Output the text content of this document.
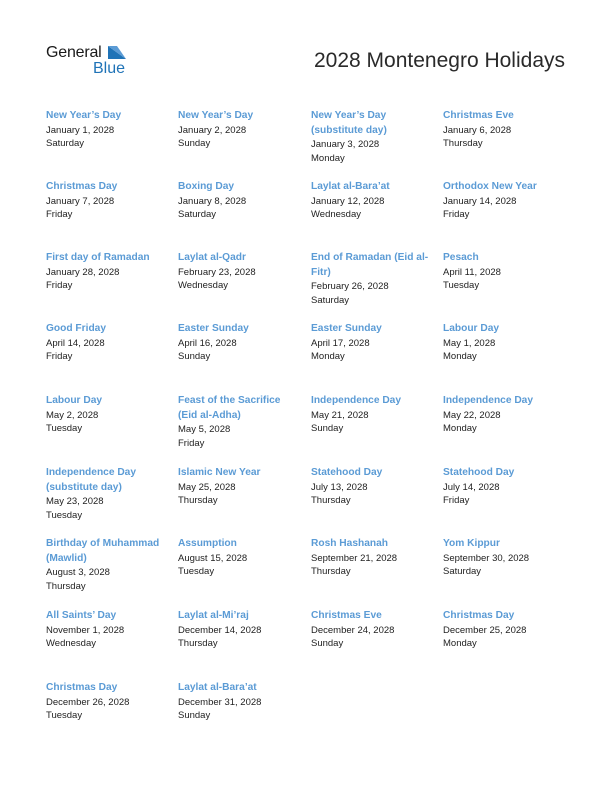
General
Blue	2028 Montenegro Holidays
New Year’s Day
January 1, 2028
Saturday
New Year’s Day
January 2, 2028
Sunday
New Year’s Day (substitute day)
January 3, 2028
Monday
Christmas Eve
January 6, 2028
Thursday
Christmas Day
January 7, 2028
Friday
Boxing Day
January 8, 2028
Saturday
Laylat al-Bara’at
January 12, 2028
Wednesday
Orthodox New Year
January 14, 2028
Friday
First day of Ramadan
January 28, 2028
Friday
Laylat al-Qadr
February 23, 2028
Wednesday
End of Ramadan (Eid al-Fitr)
February 26, 2028
Saturday
Pesach
April 11, 2028
Tuesday
Good Friday
April 14, 2028
Friday
Easter Sunday
April 16, 2028
Sunday
Easter Sunday
April 17, 2028
Monday
Labour Day
May 1, 2028
Monday
Labour Day
May 2, 2028
Tuesday
Feast of the Sacrifice (Eid al-Adha)
May 5, 2028
Friday
Independence Day
May 21, 2028
Sunday
Independence Day
May 22, 2028
Monday
Independence Day (substitute day)
May 23, 2028
Tuesday
Islamic New Year
May 25, 2028
Thursday
Statehood Day
July 13, 2028
Thursday
Statehood Day
July 14, 2028
Friday
Birthday of Muhammad (Mawlid)
August 3, 2028
Thursday
Assumption
August 15, 2028
Tuesday
Rosh Hashanah
September 21, 2028
Thursday
Yom Kippur
September 30, 2028
Saturday
All Saints’ Day
November 1, 2028
Wednesday
Laylat al-Mi’raj
December 14, 2028
Thursday
Christmas Eve
December 24, 2028
Sunday
Christmas Day
December 25, 2028
Monday
Christmas Day
December 26, 2028
Tuesday
Laylat al-Bara’at
December 31, 2028
Sunday
